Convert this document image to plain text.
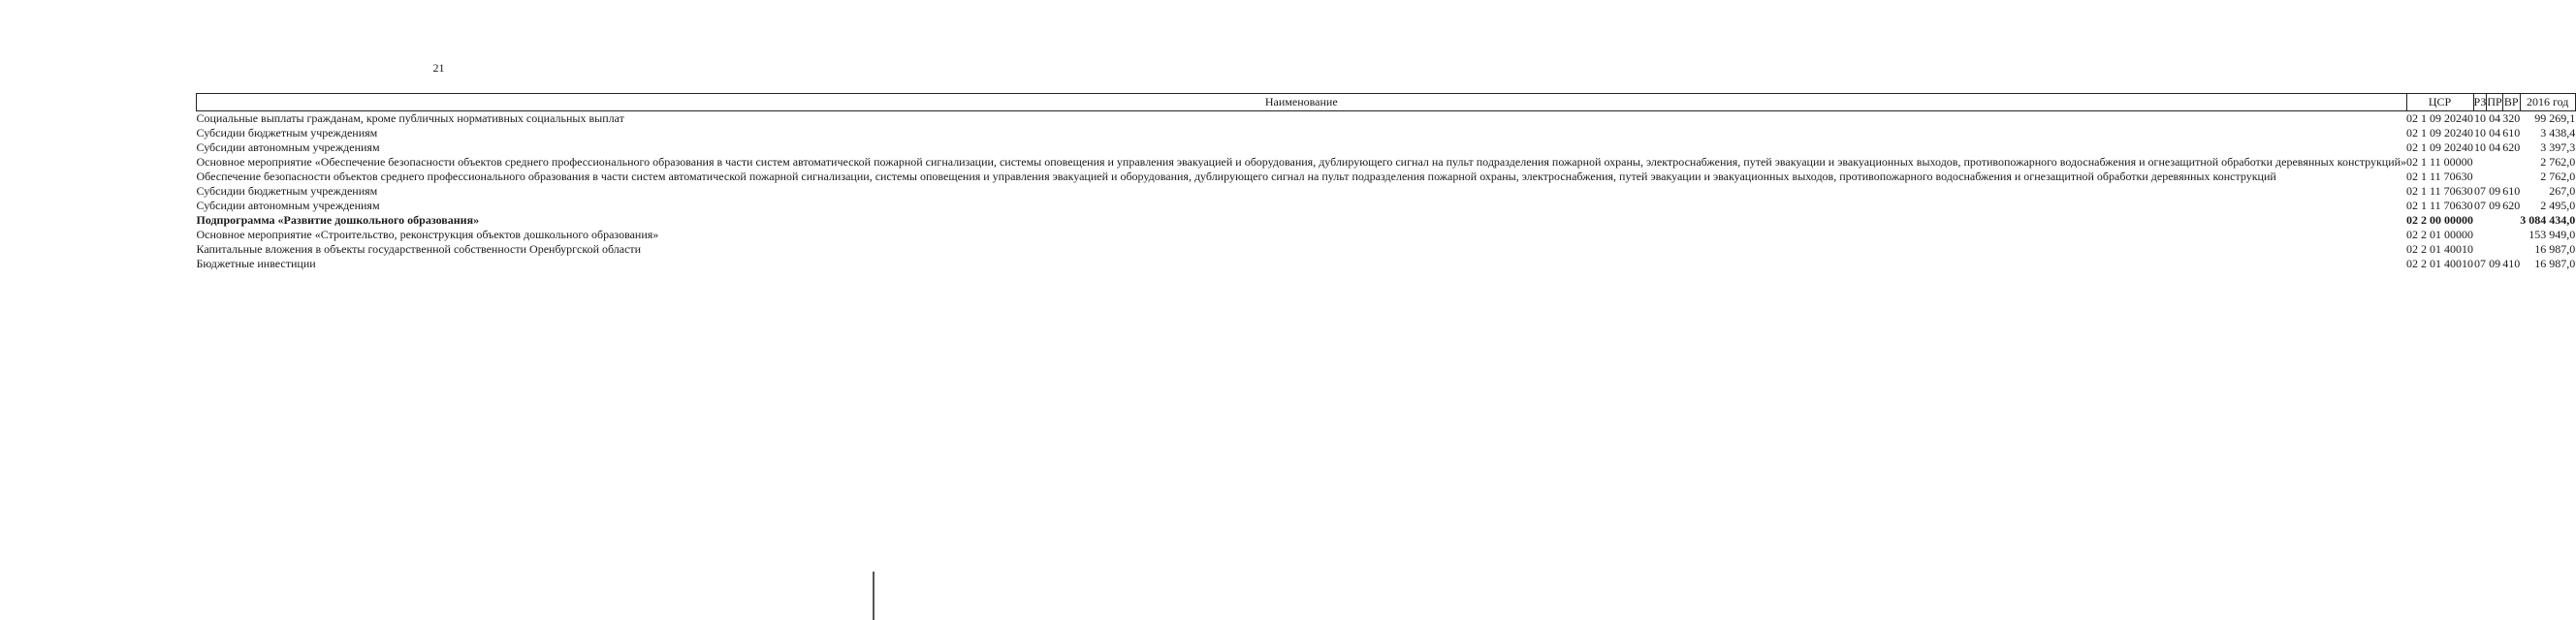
21
Наименование	ЦСР	РЗ	ПР	ВР	2016 год
Социальные выплаты гражданам, кроме публичных нормативных социальных выплат	02 1 09 20240	10	04	320	99 269,1
Субсидии бюджетным учреждениям	02 1 09 20240	10	04	610	3 438,4
Субсидии автономным учреждениям	02 1 09 20240	10	04	620	3 397,3
Основное мероприятие «Обеспечение безопасности объектов среднего профессионального образования в части систем автоматической пожарной сигнализации, системы оповещения и управления эвакуацией и оборудования, дублирующего сигнал на пульт подразделения пожарной охраны, электроснабжения, путей эвакуации и эвакуационных выходов, противопожарного водоснабжения и огнезащитной обработки деревянных конструкций»	02 1 11 00000				2 762,0
Обеспечение безопасности объектов среднего профессионального образования в части систем автоматической пожарной сигнализации, системы оповещения и управления эвакуацией и оборудования, дублирующего сигнал на пульт подразделения пожарной охраны, электроснабжения, путей эвакуации и эвакуационных выходов, противопожарного водоснабжения и огнезащитной обработки деревянных конструкций	02 1 11 70630				2 762,0
Субсидии бюджетным учреждениям	02 1 11 70630	07	09	610	267,0
Субсидии автономным учреждениям	02 1 11 70630	07	09	620	2 495,0
Подпрограмма «Развитие дошкольного образования»	02 2 00 00000				3 084 434,0
Основное мероприятие «Строительство, реконструкция объектов дошкольного образования»	02 2 01 00000				153 949,0
Капитальные вложения в объекты государственной собственности Оренбургской области	02 2 01 40010				16 987,0
Бюджетные инвестиции	02 2 01 40010	07	09	410	16 987,0
